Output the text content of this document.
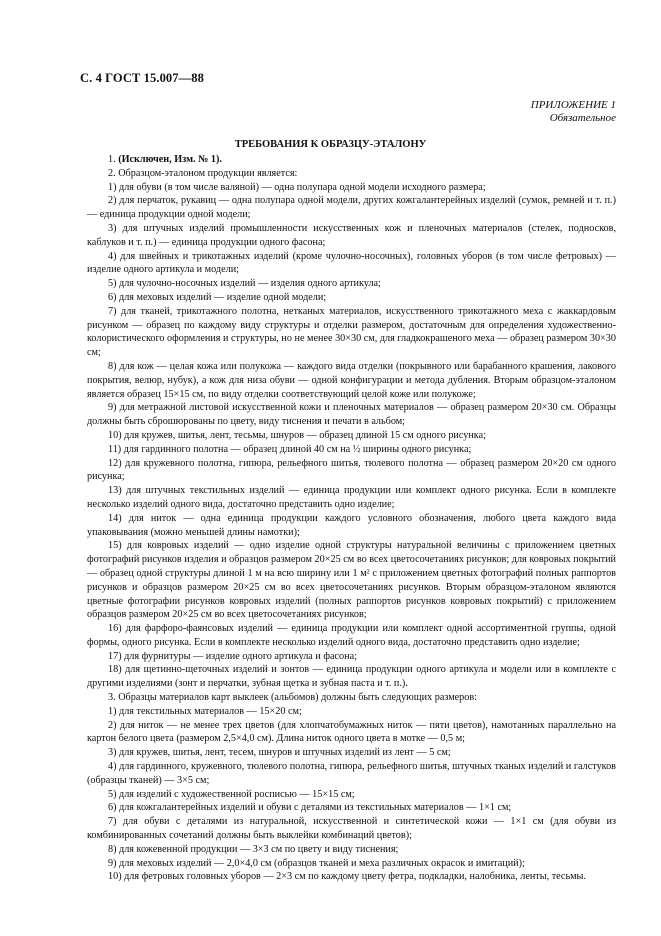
С. 4 ГОСТ 15.007—88
ПРИЛОЖЕНИЕ 1
Обязательное
ТРЕБОВАНИЯ К ОБРАЗЦУ-ЭТАЛОНУ

1. (Исключен, Изм. № 1).

2. Образцом-эталоном продукции является:

1) для обуви (в том числе валяной) — одна полупара одной модели исходного размера;

2) для перчаток, рукавиц — одна полупара одной модели, других кожгалантерейных изделий (сумок, ремней и т. п.) — единица продукции одной модели;

3) для штучных изделий промышленности искусственных кож и пленочных материалов (стелек, подносков, каблуков и т. п.) — единица продукции одного фасона;

4) для швейных и трикотажных изделий (кроме чулочно-носочных), головных уборов (в том числе фетровых) — изделие одного артикула и модели;

5) для чулочно-носочных изделий — изделия одного артикула;

6) для меховых изделий — изделие одной модели;

7) для тканей, трикотажного полотна, нетканых материалов, искусственного трикотажного меха с жаккардовым рисунком — образец по каждому виду структуры и отделки размером, достаточным для определения художественно-колористического оформления и структуры, но не менее 30×30 см, для гладкокрашеного меха — образец размером 30×30 см;

8) для кож — целая кожа или полукожа — каждого вида отделки (покрывного или барабанного крашения, лакового покрытия, велюр, нубук), а кож для низа обуви — одной конфигурации и метода дубления. Вторым образцом-эталоном является образец 15×15 см, по виду отделки соответствующий целой коже или полукоже;

9) для метражной листовой искусственной кожи и пленочных материалов — образец размером 20×30 см. Образцы должны быть сброшюрованы по цвету, виду тиснения и печати в альбом;

10) для кружев, шитья, лент, тесьмы, шнуров — образец длиной 15 см одного рисунка;

11) для гардинного полотна — образец длиной 40 см на ½ ширины одного рисунка;

12) для кружевного полотна, гипюра, рельефного шитья, тюлевого полотна — образец размером 20×20 см одного рисунка;

13) для штучных текстильных изделий — единица продукции или комплект одного рисунка. Если в комплекте несколько изделий одного вида, достаточно представить одно изделие;

14) для ниток — одна единица продукции каждого условного обозначения, любого цвета каждого вида упаковывания (можно меньшей длины намотки);

15) для ковровых изделий — одно изделие одной структуры натуральной величины с приложением цветных фотографий рисунков изделия и образцов размером 20×25 см во всех цветосочетаниях рисунков; для ковровых покрытий — образец одной структуры длиной 1 м на всю ширину или 1 м² с приложением цветных фотографий полных раппортов рисунков и образцов размером 20×25 см во всех цветосочетаниях рисунков. Вторым образцом-эталоном являются цветные фотографии рисунков ковровых изделий (полных раппортов рисунков ковровых покрытий) с приложением образцов размером 20×25 см во всех цветосочетаниях рисунков;

16) для фарфоро-фаянсовых изделий — единица продукции или комплект одной ассортиментной группы, одной формы, одного рисунка. Если в комплекте несколько изделий одного вида, достаточно представить одно изделие;

17) для фурнитуры — изделие одного артикула и фасона;

18) для щетинно-щеточных изделий и зонтов — единица продукции одного артикула и модели или в комплекте с другими изделиями (зонт и перчатки, зубная щетка и зубная паста и т. п.).

3. Образцы материалов карт выклеек (альбомов) должны быть следующих размеров:

1) для текстильных материалов — 15×20 см;

2) для ниток — не менее трех цветов (для хлопчатобумажных ниток — пяти цветов), намотанных параллельно на картон белого цвета (размером 2,5×4,0 см). Длина ниток одного цвета в мотке — 0,5 м;

3) для кружев, шитья, лент, тесем, шнуров и штучных изделий из лент — 5 см;

4) для гардинного, кружевного, тюлевого полотна, гипюра, рельефного шитья, штучных тканых изделий и галстуков (образцы тканей) — 3×5 см;

5) для изделий с художественной росписью — 15×15 см;

6) для кожгалантерейных изделий и обуви с деталями из текстильных материалов — 1×1 см;

7) для обуви с деталями из натуральной, искусственной и синтетической кожи — 1×1 см (для обуви из комбинированных сочетаний должны быть выклейки комбинаций цветов);

8) для кожевенной продукции — 3×3 см по цвету и виду тиснения;

9) для меховых изделий — 2,0×4,0 см (образцов тканей и меха различных окрасок и имитаций);

10) для фетровых головных уборов — 2×3 см по каждому цвету фетра, подкладки, налобника, ленты, тесьмы.
